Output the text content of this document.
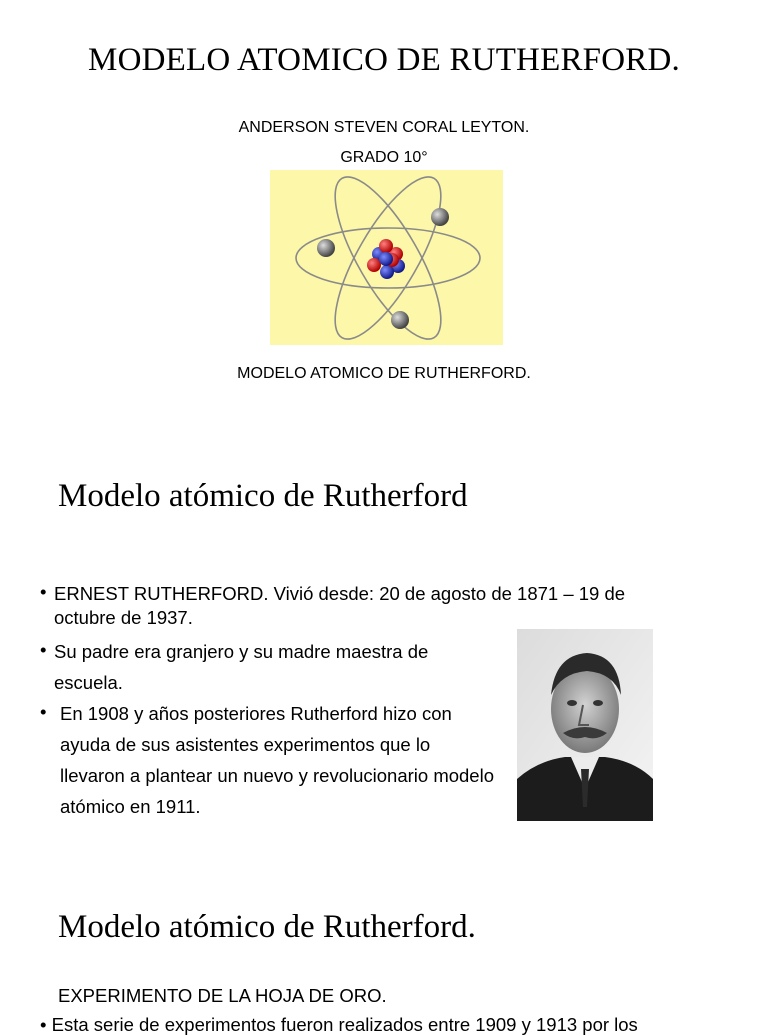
MODELO ATOMICO DE RUTHERFORD.
ANDERSON STEVEN CORAL LEYTON.
GRADO 10°
MODELO ATOMICO DE RUTHERFORD.
Modelo atómico de Rutherford

• ERNEST RUTHERFORD. Vivió desde: 20 de agosto de 1871 – 19 de octubre de 1937.

• Su padre era granjero y su madre maestra de escuela.

• En 1908 y años posteriores Rutherford hizo con ayuda de sus asistentes experimentos que lo llevaron a plantear un nuevo y revolucionario modelo atómico en 1911.

Modelo atómico de Rutherford.
EXPERIMENTO DE LA HOJA DE ORO.
• Esta serie de experimentos fueron realizados entre 1909 y 1913 por los
